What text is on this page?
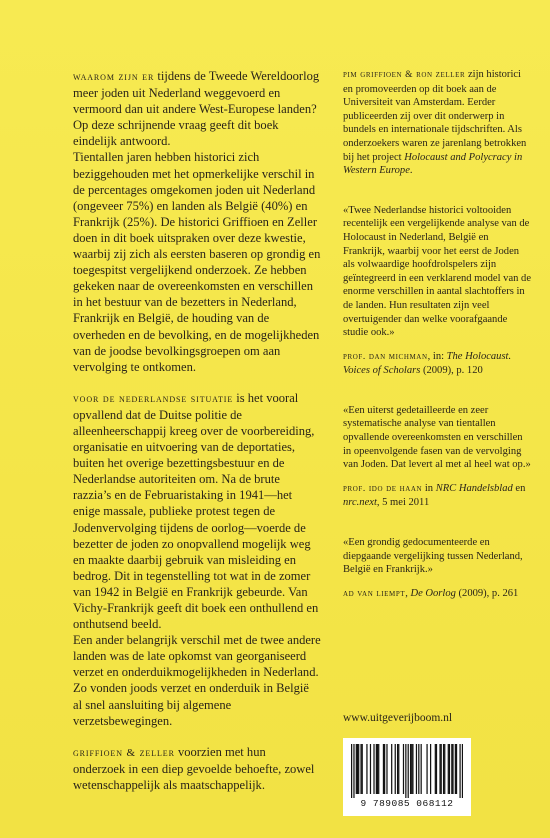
waarom zijn er tijdens de Tweede Wereldoorlog meer joden uit Nederland weggevoerd en vermoord dan uit andere West-Europese landen? Op deze schrijnende vraag geeft dit boek eindelijk antwoord.

Tientallen jaren hebben historici zich beziggehouden met het opmerkelijke verschil in de percentages omgekomen joden uit Nederland (ongeveer 75%) en landen als België (40%) en Frankrijk (25%). De historici Griffioen en Zeller doen in dit boek uitspraken over deze kwestie, waarbij zij zich als eersten baseren op grondig en toegespitst vergelijkend onderzoek. Ze hebben gekeken naar de overeenkomsten en verschillen in het bestuur van de bezetters in Nederland, Frankrijk en België, de houding van de overheden en de bevolking, en de mogelijkheden van de joodse bevolkingsgroepen om aan vervolging te ontkomen.

voor de nederlandse situatie is het vooral opvallend dat de Duitse politie de alleenheerschappij kreeg over de voorbereiding, organisatie en uitvoering van de deportaties, buiten het overige bezettingsbestuur en de Nederlandse autoriteiten om. Na de brute razzia’s en de Februaristaking in 1941—het enige massale, publieke protest tegen de Jodenvervolging tijdens de oorlog—voerde de bezetter de joden zo onopvallend mogelijk weg en maakte daarbij gebruik van misleiding en bedrog. Dit in tegenstelling tot wat in de zomer van 1942 in België en Frankrijk gebeurde. Van Vichy-Frankrijk geeft dit boek een onthullend en onthutsend beeld.

Een ander belangrijk verschil met de twee andere landen was de late opkomst van georganiseerd verzet en onderduikmogelijkheden in Nederland. Zo vonden joods verzet en onderduik in België al snel aansluiting bij algemene verzetsbewegingen.

griffioen & zeller voorzien met hun onderzoek in een diep gevoelde behoefte, zowel wetenschappelijk als maatschappelijk.

pim griffioen & ron zeller zijn historici en promoveerden op dit boek aan de Universiteit van Amsterdam. Eerder publiceerden zij over dit onderwerp in bundels en internationale tijdschriften. Als onderzoekers waren ze jarenlang betrokken bij het project Holocaust and Polycracy in Western Europe.

«Twee Nederlandse historici voltooiden recentelijk een vergelijkende analyse van de Holocaust in Nederland, België en Frankrijk, waarbij voor het eerst de Joden als volwaardige hoofdrolspelers zijn geïntegreerd in een verklarend model van de enorme verschillen in aantal slachtoffers in de landen. Hun resultaten zijn veel overtuigender dan welke voorafgaande studie ook.»

prof. dan michman, in: The Holocaust. Voices of Scholars (2009), p. 120

«Een uiterst gedetailleerde en zeer systematische analyse van tientallen opvallende overeenkomsten en verschillen in opeenvolgende fasen van de vervolging van Joden. Dat levert al met al heel wat op.»

prof. ido de haan in NRC Handelsblad en nrc.next, 5 mei 2011

«Een grondig gedocumenteerde en diepgaande vergelijking tussen Nederland, België en Frankrijk.»

ad van liempt, De Oorlog (2009), p. 261

www.uitgeverijboom.nl
9 789085 068112
